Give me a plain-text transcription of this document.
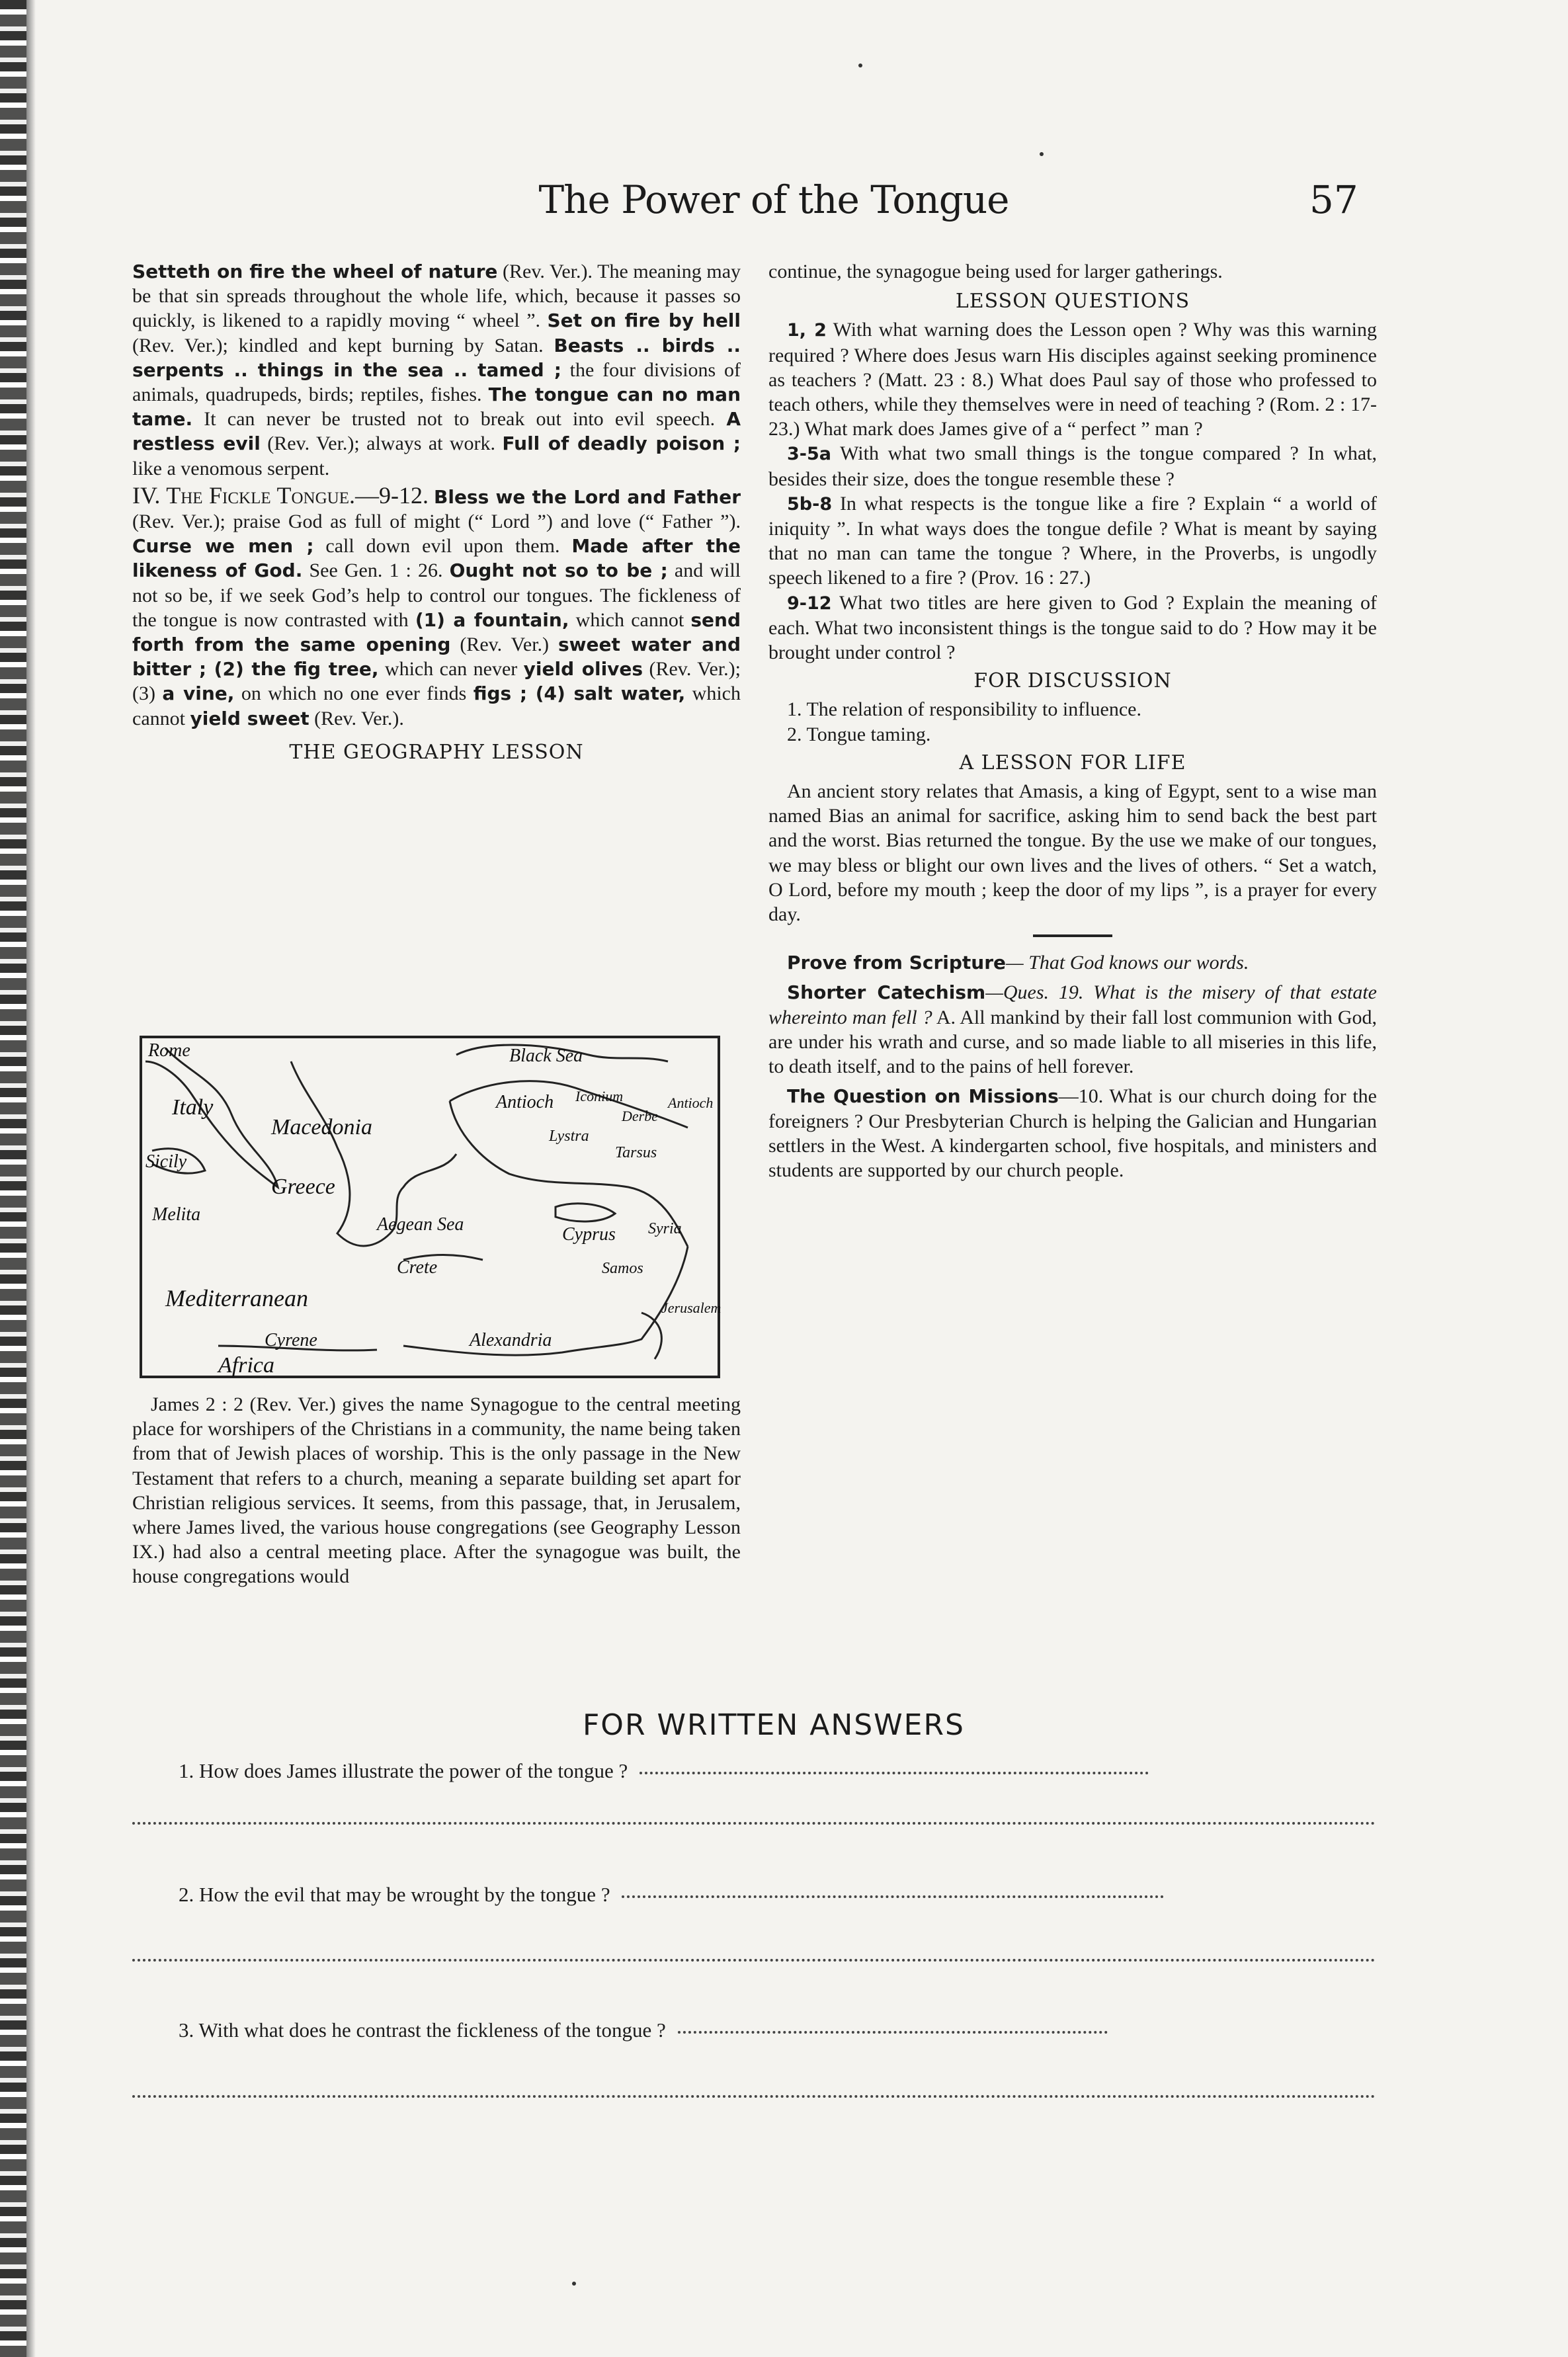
The Power of the Tongue	57

Setteth on fire the wheel of nature (Rev. Ver.). The meaning may be that sin spreads throughout the whole life, which, because it passes so quickly, is likened to a rapidly moving “ wheel ”. Set on fire by hell (Rev. Ver.); kindled and kept burning by Satan. Beasts .. birds .. serpents .. things in the sea .. tamed ; the four divisions of animals, quadrupeds, birds; reptiles, fishes. The tongue can no man tame. It can never be trusted not to break out into evil speech. A restless evil (Rev. Ver.); always at work. Full of deadly poison ; like a venomous serpent.

IV. The Fickle Tongue.—9-12. Bless we the Lord and Father (Rev. Ver.); praise God as full of might (“ Lord ”) and love (“ Father ”). Curse we men ; call down evil upon them. Made after the likeness of God. See Gen. 1 : 26. Ought not so to be ; and will not so be, if we seek God’s help to control our tongues. The fickleness of the tongue is now contrasted with (1) a fountain, which cannot send forth from the same opening (Rev. Ver.) sweet water and bitter ; (2) the fig tree, which can never yield olives (Rev. Ver.); (3) a vine, on which no one ever finds figs ; (4) salt water, which cannot yield sweet (Rev. Ver.).

THE GEOGRAPHY LESSON
Rome
Italy
Sicily
Melita
Macedonia
Greece
Black Sea
Antioch Iconium
Derbe
Lystra
Tarsus
Antioch
Aegean Sea	Cyprus
Crete
Mediterranean
Cyrene	Alexandria
Samos
Jerusalem
Africa
Syria

James 2 : 2 (Rev. Ver.) gives the name Synagogue to the central meeting place for worshipers of the Christians in a community, the name being taken from that of Jewish places of worship. This is the only passage in the New Testament that refers to a church, meaning a separate building set apart for Christian religious services. It seems, from this passage, that, in Jerusalem, where James lived, the various house congregations (see Geography Lesson IX.) had also a central meeting place. After the synagogue was built, the house congregations would

continue, the synagogue being used for larger gatherings.

LESSON QUESTIONS

1, 2 With what warning does the Lesson open ? Why was this warning required ? Where does Jesus warn His disciples against seeking prominence as teachers ? (Matt. 23 : 8.) What does Paul say of those who professed to teach others, while they themselves were in need of teaching ? (Rom. 2 : 17-23.) What mark does James give of a “ perfect ” man ?

3-5a With what two small things is the tongue compared ? In what, besides their size, does the tongue resemble these ?

5b-8 In what respects is the tongue like a fire ? Explain “ a world of iniquity ”. In what ways does the tongue defile ? What is meant by saying that no man can tame the tongue ? Where, in the Proverbs, is ungodly speech likened to a fire ? (Prov. 16 : 27.)

9-12 What two titles are here given to God ? Explain the meaning of each. What two inconsistent things is the tongue said to do ? How may it be brought under control ?

FOR DISCUSSION

1. The relation of responsibility to influence.

2. Tongue taming.

A LESSON FOR LIFE

An ancient story relates that Amasis, a king of Egypt, sent to a wise man named Bias an animal for sacrifice, asking him to send back the best part and the worst. Bias returned the tongue. By the use we make of our tongues, we may bless or blight our own lives and the lives of others. “ Set a watch, O Lord, before my mouth ; keep the door of my lips ”, is a prayer for every day.

Prove from Scripture— That God knows our words.

Shorter Catechism—Ques. 19. What is the misery of that estate whereinto man fell ? A. All mankind by their fall lost communion with God, are under his wrath and curse, and so made liable to all miseries in this life, to death itself, and to the pains of hell forever.

The Question on Missions—10. What is our church doing for the foreigners ? Our Presbyterian Church is helping the Galician and Hungarian settlers in the West. A kindergarten school, five hospitals, and ministers and students are supported by our church people.

FOR WRITTEN ANSWERS
1. How does James illustrate the power of the tongue ?
2. How the evil that may be wrought by the tongue ?
3. With what does he contrast the fickleness of the tongue ?
